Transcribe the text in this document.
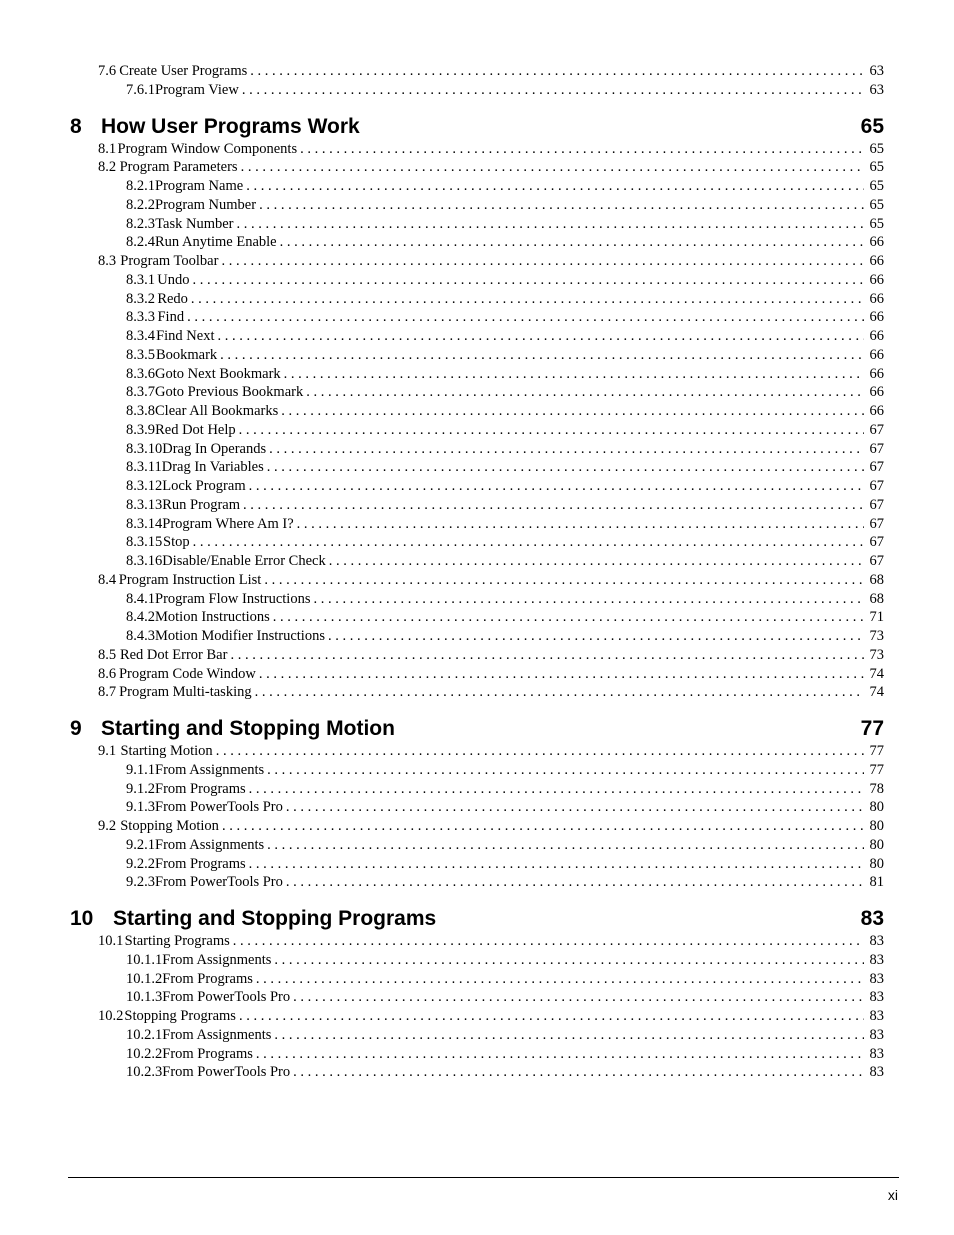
7.6 Create User Programs . . .	63
7.6.1 Program View . . .	63
8 How User Programs Work	65
8.1 Program Window Components . . .	65
8.2 Program Parameters . . .	65
8.2.1 Program Name . . .	65
8.2.2 Program Number . . .	65
8.2.3 Task Number . . .	65
8.2.4 Run Anytime Enable . . .	66
8.3 Program Toolbar . . .	66
8.3.1 Undo . . .	66
8.3.2 Redo . . .	66
8.3.3 Find . . .	66
8.3.4 Find Next . . .	66
8.3.5 Bookmark . . .	66
8.3.6 Goto Next Bookmark . . .	66
8.3.7 Goto Previous Bookmark . . .	66
8.3.8 Clear All Bookmarks . . .	66
8.3.9 Red Dot Help . . .	67
8.3.10 Drag In Operands . . .	67
8.3.11 Drag In Variables . . .	67
8.3.12 Lock Program . . .	67
8.3.13 Run Program . . .	67
8.3.14 Program Where Am I? . . .	67
8.3.15 Stop . . .	67
8.3.16 Disable/Enable Error Check . . .	67
8.4 Program Instruction List . . .	68
8.4.1 Program Flow Instructions . . .	68
8.4.2 Motion Instructions . . .	71
8.4.3 Motion Modifier Instructions . . .	73
8.5 Red Dot Error Bar . . .	73
8.6 Program Code Window . . .	74
8.7 Program Multi-tasking . . .	74
9 Starting and Stopping Motion	77
9.1 Starting Motion . . .	77
9.1.1 From Assignments . . .	77
9.1.2 From Programs . . .	78
9.1.3 From PowerTools Pro . . .	80
9.2 Stopping Motion . . .	80
9.2.1 From Assignments . . .	80
9.2.2 From Programs . . .	80
9.2.3 From PowerTools Pro . . .	81
10 Starting and Stopping Programs	83
10.1 Starting Programs . . .	83
10.1.1 From Assignments . . .	83
10.1.2 From Programs . . .	83
10.1.3 From PowerTools Pro . . .	83
10.2 Stopping Programs . . .	83
10.2.1 From Assignments . . .	83
10.2.2 From Programs . . .	83
10.2.3 From PowerTools Pro . . .	83
xi
